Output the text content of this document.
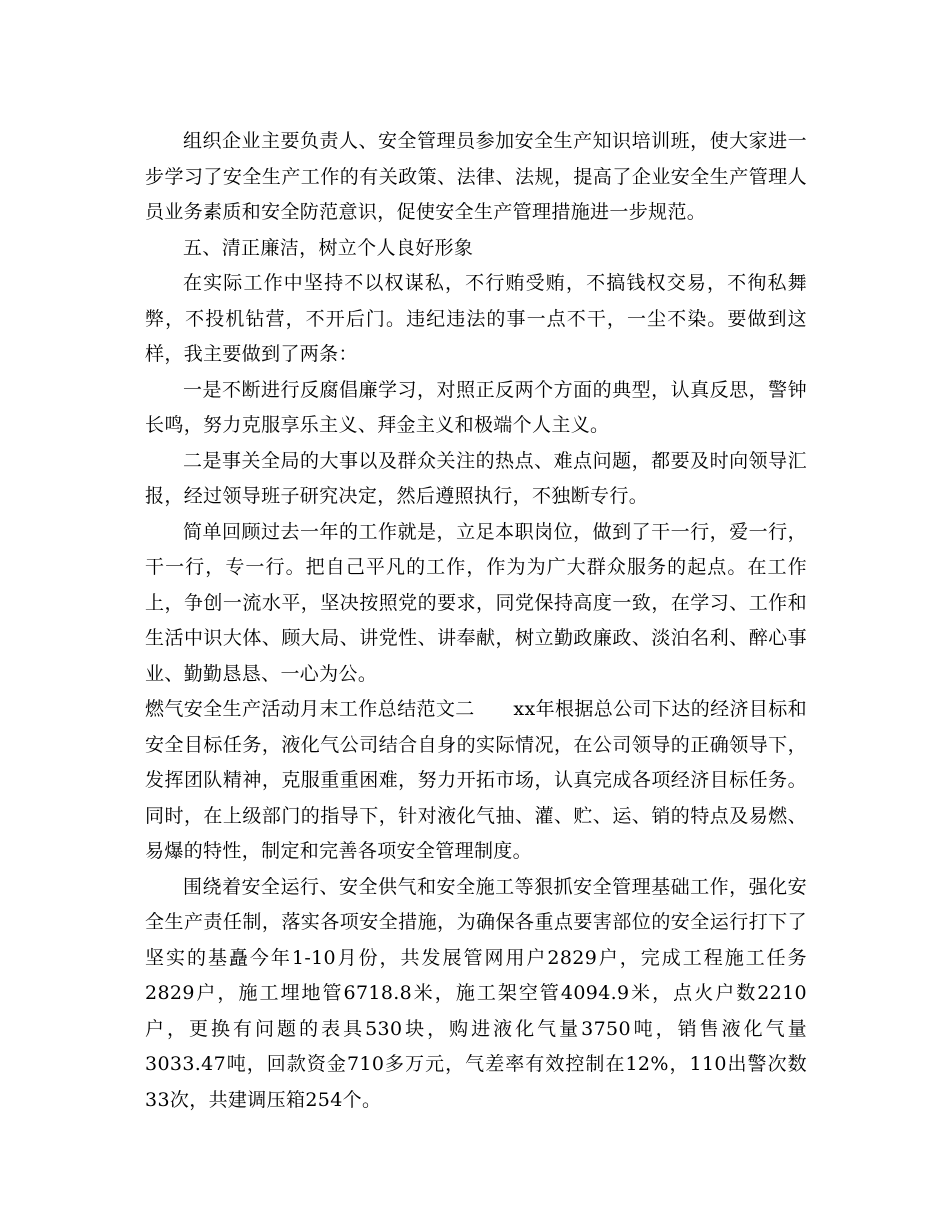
组织企业主要负责人、安全管理员参加安全生产知识培训班，使大家进一步学习了安全生产工作的有关政策、法律、法规，提高了企业安全生产管理人员业务素质和安全防范意识，促使安全生产管理措施进一步规范。

五、清正廉洁，树立个人良好形象

在实际工作中坚持不以权谋私，不行贿受贿，不搞钱权交易，不徇私舞弊，不投机钻营，不开后门。违纪违法的事一点不干，一尘不染。要做到这样，我主要做到了两条：

一是不断进行反腐倡廉学习，对照正反两个方面的典型，认真反思，警钟长鸣，努力克服享乐主义、拜金主义和极端个人主义。

二是事关全局的大事以及群众关注的热点、难点问题，都要及时向领导汇报，经过领导班子研究决定，然后遵照执行，不独断专行。

简单回顾过去一年的工作就是，立足本职岗位，做到了干一行，爱一行，干一行，专一行。把自己平凡的工作，作为为广大群众服务的起点。在工作上，争创一流水平，坚决按照党的要求，同党保持高度一致，在学习、工作和生活中识大体、顾大局、讲党性、讲奉献，树立勤政廉政、淡泊名利、醉心事业、勤勤恳恳、一心为公。

燃气安全生产活动月末工作总结范文二　　xx年根据总公司下达的经济目标和安全目标任务，液化气公司结合自身的实际情况，在公司领导的正确领导下，发挥团队精神，克服重重困难，努力开拓市场，认真完成各项经济目标任务。同时，在上级部门的指导下，针对液化气抽、灌、贮、运、销的特点及易燃、易爆的特性，制定和完善各项安全管理制度。

围绕着安全运行、安全供气和安全施工等狠抓安全管理基础工作，强化安全生产责任制，落实各项安全措施，为确保各重点要害部位的安全运行打下了坚实的基矗今年1-10月份，共发展管网用户2829户，完成工程施工任务2829户，施工埋地管6718.8米，施工架空管4094.9米，点火户数2210户，更换有问题的表具530块，购进液化气量3750吨，销售液化气量3033.47吨，回款资金710多万元，气差率有效控制在12%，110出警次数33次，共建调压箱254个。
